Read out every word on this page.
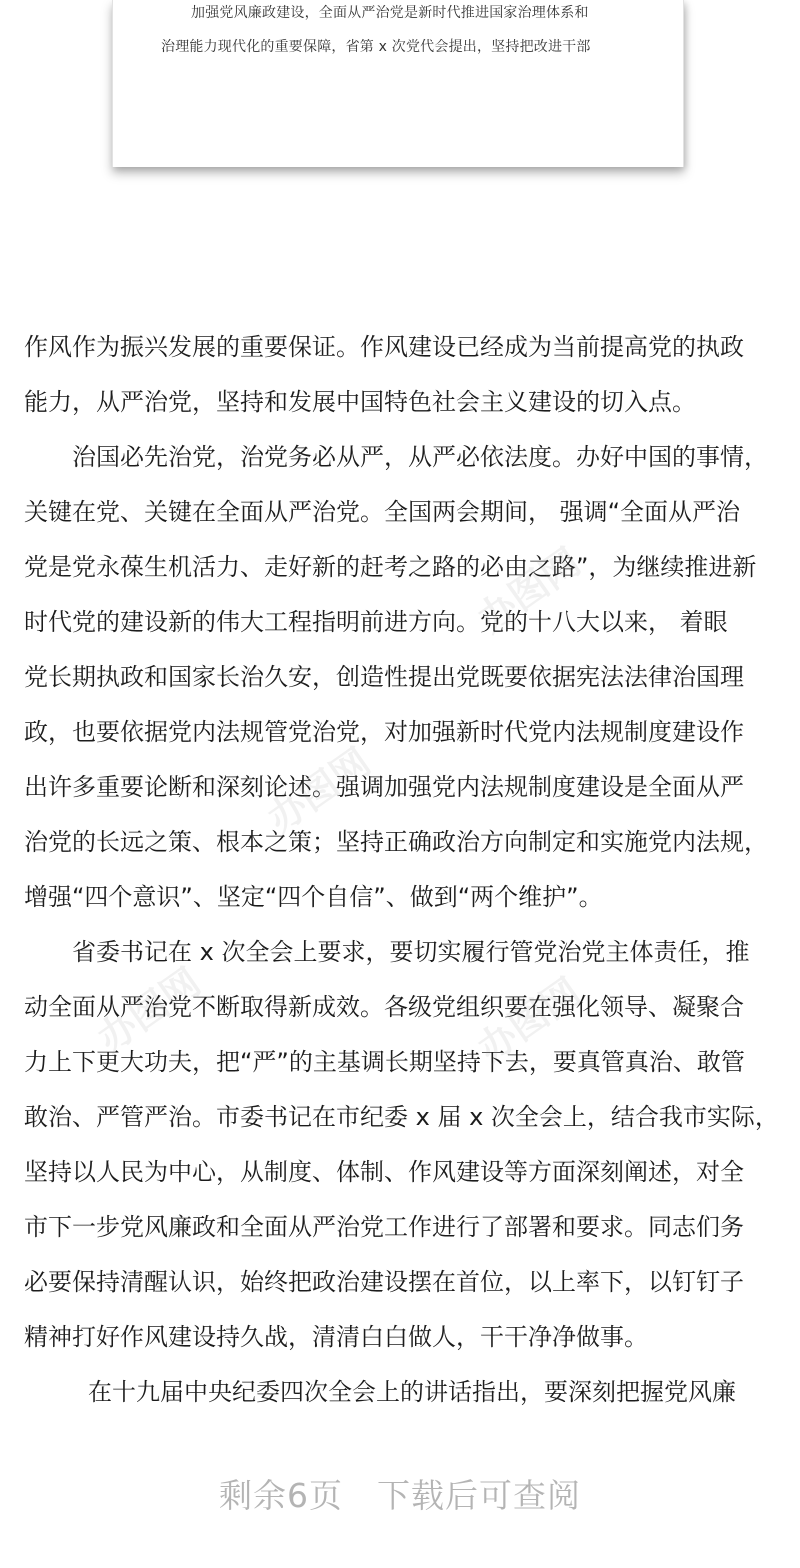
加强党风廉政建设，全面从严治党是新时代推进国家治理体系和
治理能力现代化的重要保障，省第 x 次党代会提出，坚持把改进干部
作风作为振兴发展的重要保证。作风建设已经成为当前提高党的执政
能力，从严治党，坚持和发展中国特色社会主义建设的切入点。
治国必先治党，治党务必从严，从严必依法度。办好中国的事情，
关键在党、关键在全面从严治党。全国两会期间， 强调“全面从严治
党是党永葆生机活力、走好新的赶考之路的必由之路”，为继续推进新
时代党的建设新的伟大工程指明前进方向。党的十八大以来， 着眼
党长期执政和国家长治久安，创造性提出党既要依据宪法法律治国理
政，也要依据党内法规管党治党，对加强新时代党内法规制度建设作
出许多重要论断和深刻论述。强调加强党内法规制度建设是全面从严
治党的长远之策、根本之策；坚持正确政治方向制定和实施党内法规，
增强“四个意识”、坚定“四个自信”、做到“两个维护”。
省委书记在 x 次全会上要求，要切实履行管党治党主体责任，推
动全面从严治党不断取得新成效。各级党组织要在强化领导、凝聚合
力上下更大功夫，把“严”的主基调长期坚持下去，要真管真治、敢管
敢治、严管严治。市委书记在市纪委 x 届 x 次全会上，结合我市实际，
坚持以人民为中心，从制度、体制、作风建设等方面深刻阐述，对全
市下一步党风廉政和全面从严治党工作进行了部署和要求。同志们务
必要保持清醒认识，始终把政治建设摆在首位，以上率下，以钉钉子
精神打好作风建设持久战，清清白白做人，干干净净做事。
在十九届中央纪委四次全会上的讲话指出，要深刻把握党风廉
办图网
办图网
办图网	办图网
剩余6页 下载后可查阅
